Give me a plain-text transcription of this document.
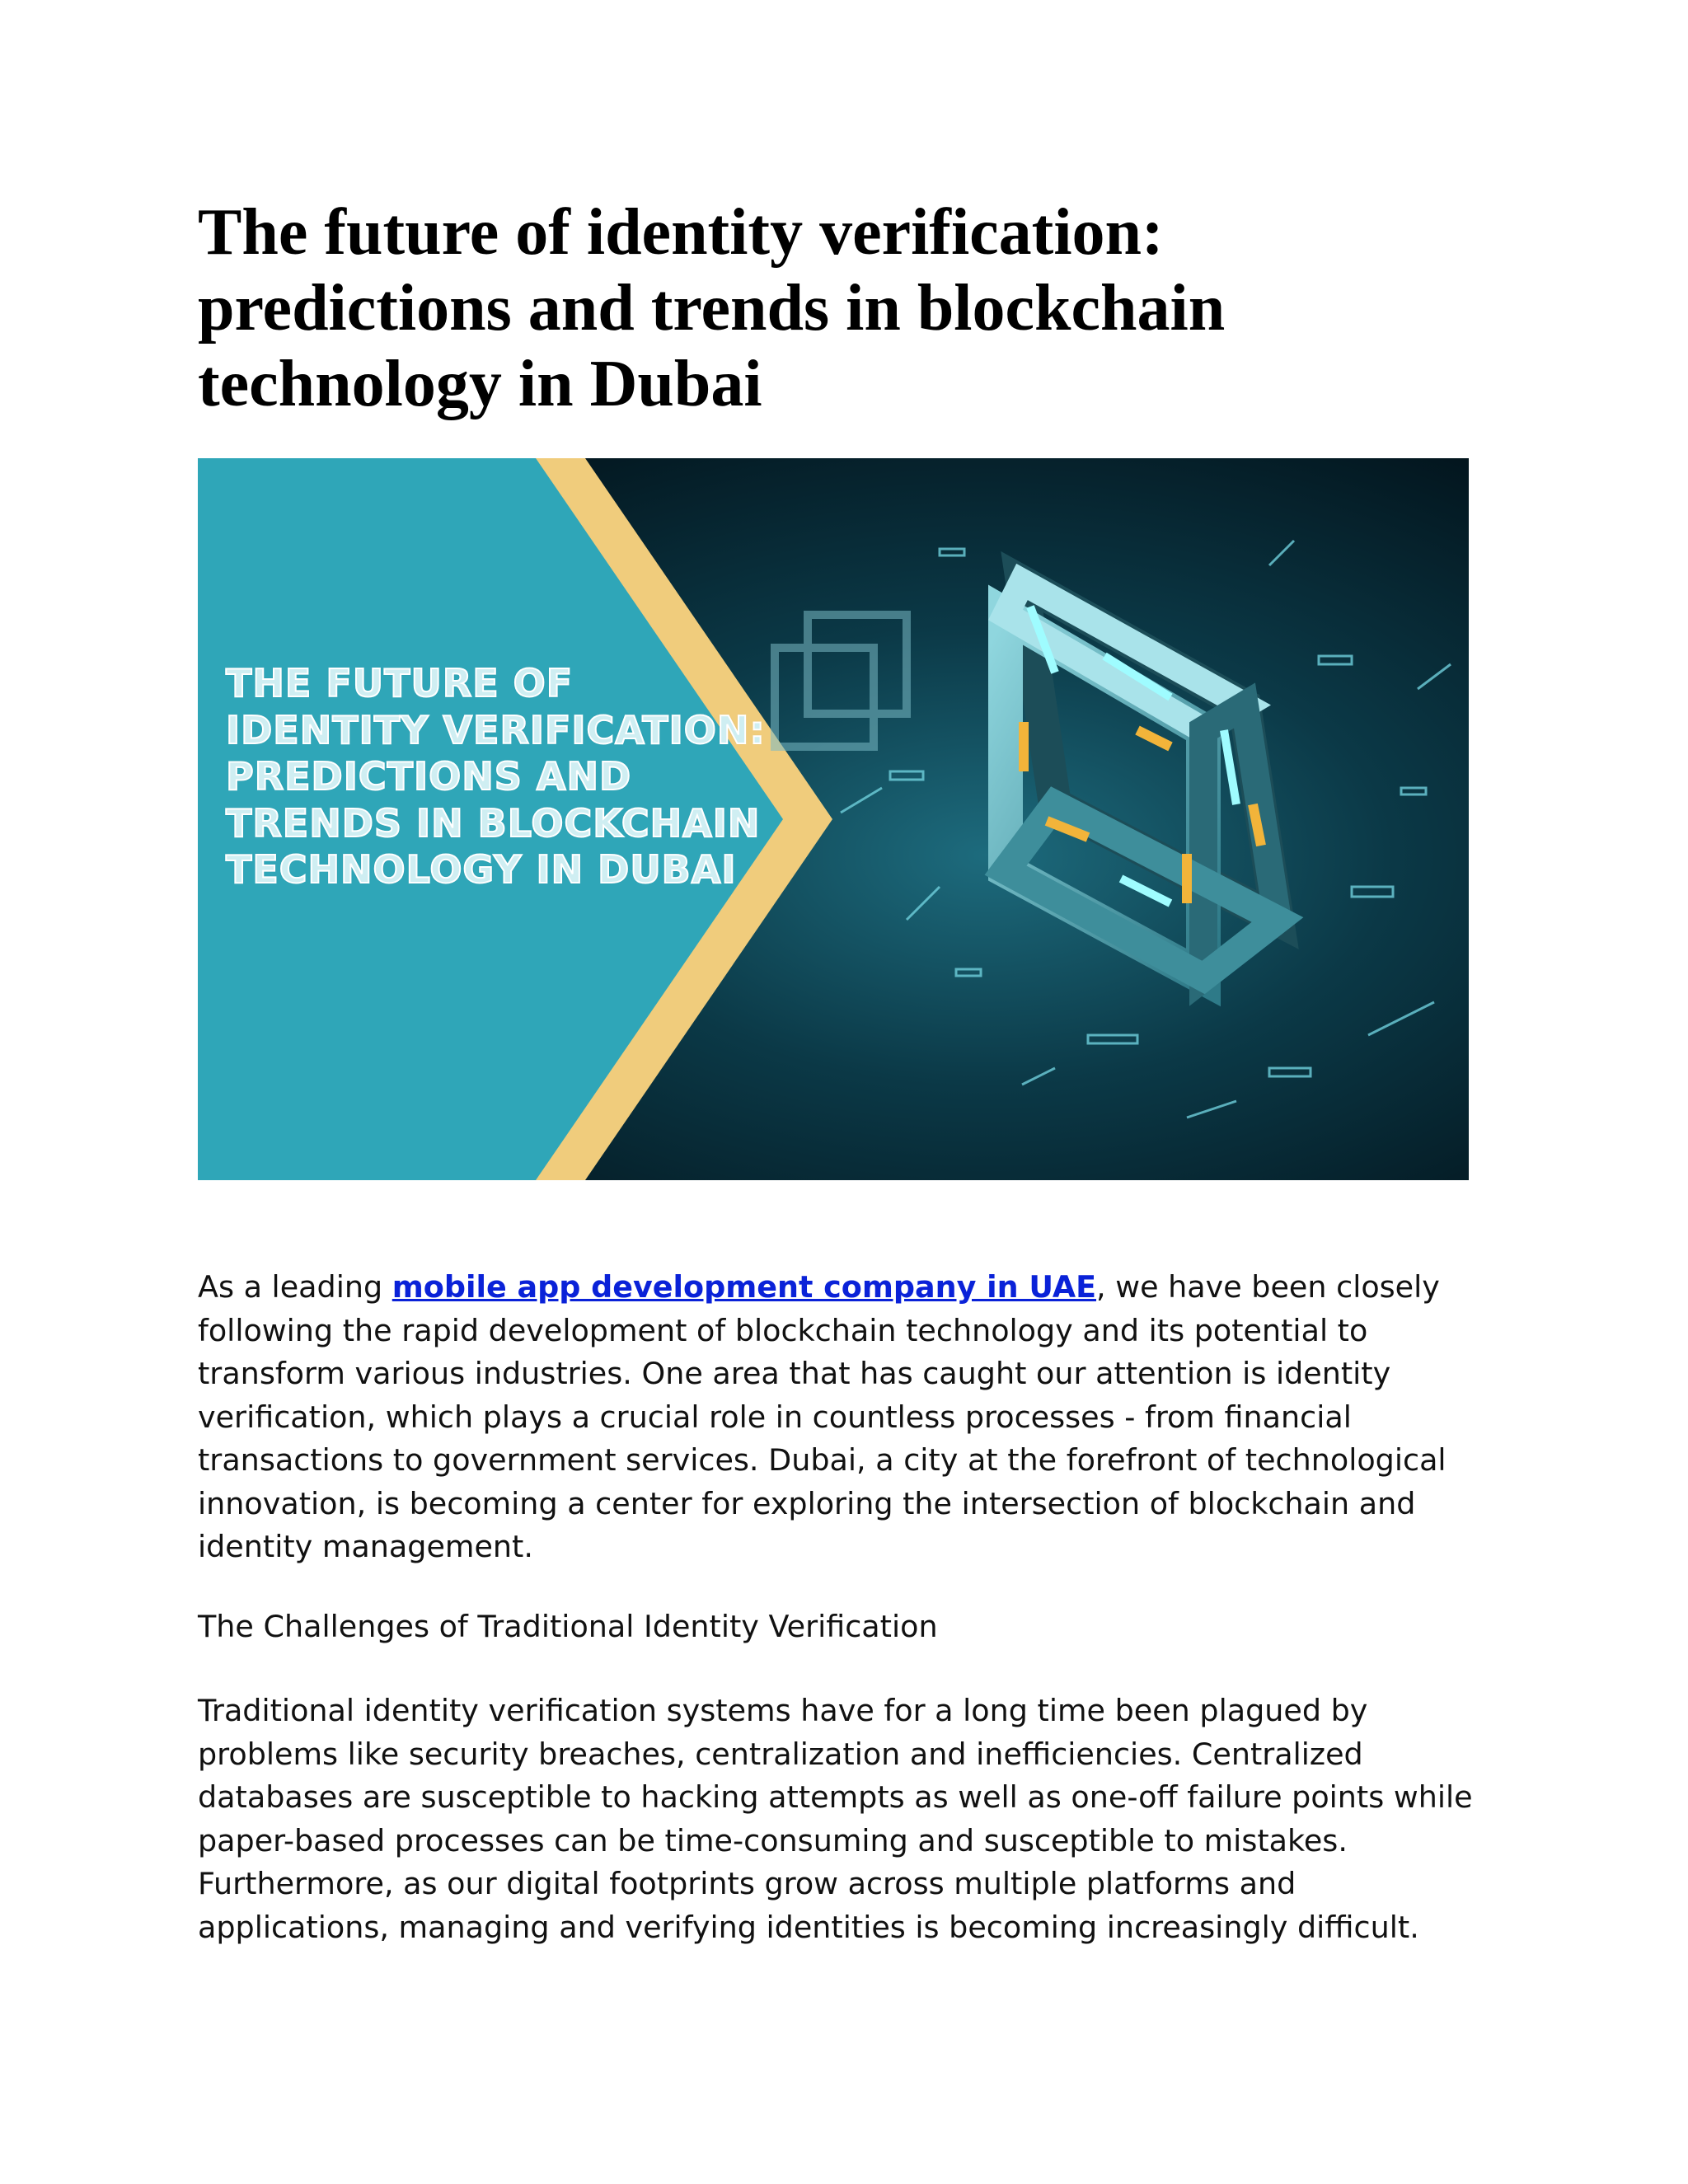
The future of identity verification: predictions and trends in blockchain technology in Dubai

THE FUTURE OF IDENTITY VERIFICATION: PREDICTIONS AND TRENDS IN BLOCKCHAIN TECHNOLOGY IN DUBAI

As a leading mobile app development company in UAE, we have been closely following the rapid development of blockchain technology and its potential to transform various industries. One area that has caught our attention is identity verification, which plays a crucial role in countless processes - from financial transactions to government services. Dubai, a city at the forefront of technological innovation, is becoming a center for exploring the intersection of blockchain and identity management.

The Challenges of Traditional Identity Verification

Traditional identity verification systems have for a long time been plagued by problems like security breaches, centralization and inefficiencies. Centralized databases are susceptible to hacking attempts as well as one-off failure points while paper-based processes can be time-consuming and susceptible to mistakes. Furthermore, as our digital footprints grow across multiple platforms and applications, managing and verifying identities is becoming increasingly difficult.
